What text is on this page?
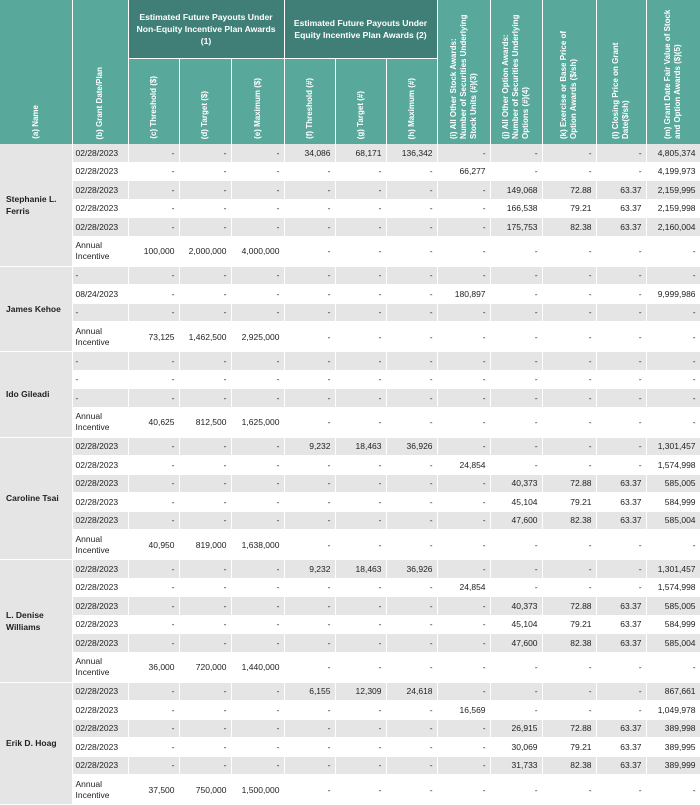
(a) Name	(b) Grant Date/Plan	Estimated Future Payouts Under Non-Equity Incentive Plan Awards (1)			Estimated Future Payouts Under Equity Incentive Plan Awards (2)			(i) All Other Stock Awards: Number of Securities Underlying Stock Units (#)(3)	(j) All Other Option Awards: Number of Securities Underlying Options (#)(4)	(k) Exercise or Base Price of Option Awards ($/sh)	(l) Closing Price on Grant Date($/sh)	(m) Grant Date Fair Value of Stock and Option Awards ($)(5)

		(c) Threshold ($)	(d) Target ($)	(e) Maximum ($)	(f) Threshold (#)	(g) Target (#)	(h) Maximum (#)					

Stephanie L. Ferris	02/28/2023	-	-	-	34,086	68,171	136,342	-	-	-	-	4,805,374
	02/28/2023	-	-	-	-	-	-	66,277	-	-	-	4,199,973
	02/28/2023	-	-	-	-	-	-	-	149,068	72.88	63.37	2,159,995
	02/28/2023	-	-	-	-	-	-	-	166,538	79.21	63.37	2,159,998
	02/28/2023	-	-	-	-	-	-	-	175,753	82.38	63.37	2,160,004
	Annual Incentive	100,000	2,000,000	4,000,000	-	-	-	-	-	-	-	-
James Kehoe	-	-	-	-	-	-	-	-	-	-	-	-
	08/24/2023	-	-	-	-	-	-	180,897	-	-	-	9,999,986
	-	-	-	-	-	-	-	-	-	-	-	-
	Annual Incentive	73,125	1,462,500	2,925,000	-	-	-	-	-	-	-	-
Ido Gileadi	-	-	-	-	-	-	-	-	-	-	-	-
	-	-	-	-	-	-	-	-	-	-	-	-
	-	-	-	-	-	-	-	-	-	-	-	-
	Annual Incentive	40,625	812,500	1,625,000	-	-	-	-	-	-	-	-
Caroline Tsai	02/28/2023	-	-	-	9,232	18,463	36,926	-	-	-	-	1,301,457
	02/28/2023	-	-	-	-	-	-	24,854	-	-	-	1,574,998
	02/28/2023	-	-	-	-	-	-	-	40,373	72.88	63.37	585,005
	02/28/2023	-	-	-	-	-	-	-	45,104	79.21	63.37	584,999
	02/28/2023	-	-	-	-	-	-	-	47,600	82.38	63.37	585,004
	Annual Incentive	40,950	819,000	1,638,000	-	-	-	-	-	-	-	-
L. Denise Williams	02/28/2023	-	-	-	9,232	18,463	36,926	-	-	-	-	1,301,457
	02/28/2023	-	-	-	-	-	-	24,854	-	-	-	1,574,998
	02/28/2023	-	-	-	-	-	-	-	40,373	72.88	63.37	585,005
	02/28/2023	-	-	-	-	-	-	-	45,104	79.21	63.37	584,999
	02/28/2023	-	-	-	-	-	-	-	47,600	82.38	63.37	585,004
	Annual Incentive	36,000	720,000	1,440,000	-	-	-	-	-	-	-	-
Erik D. Hoag	02/28/2023	-	-	-	6,155	12,309	24,618	-	-	-	-	867,661
	02/28/2023	-	-	-	-	-	-	16,569	-	-	-	1,049,978
	02/28/2023	-	-	-	-	-	-	-	26,915	72.88	63.37	389,998
	02/28/2023	-	-	-	-	-	-	-	30,069	79.21	63.37	389,995
	02/28/2023	-	-	-	-	-	-	-	31,733	82.38	63.37	389,999
	Annual Incentive	37,500	750,000	1,500,000	-	-	-	-	-	-	-	-
